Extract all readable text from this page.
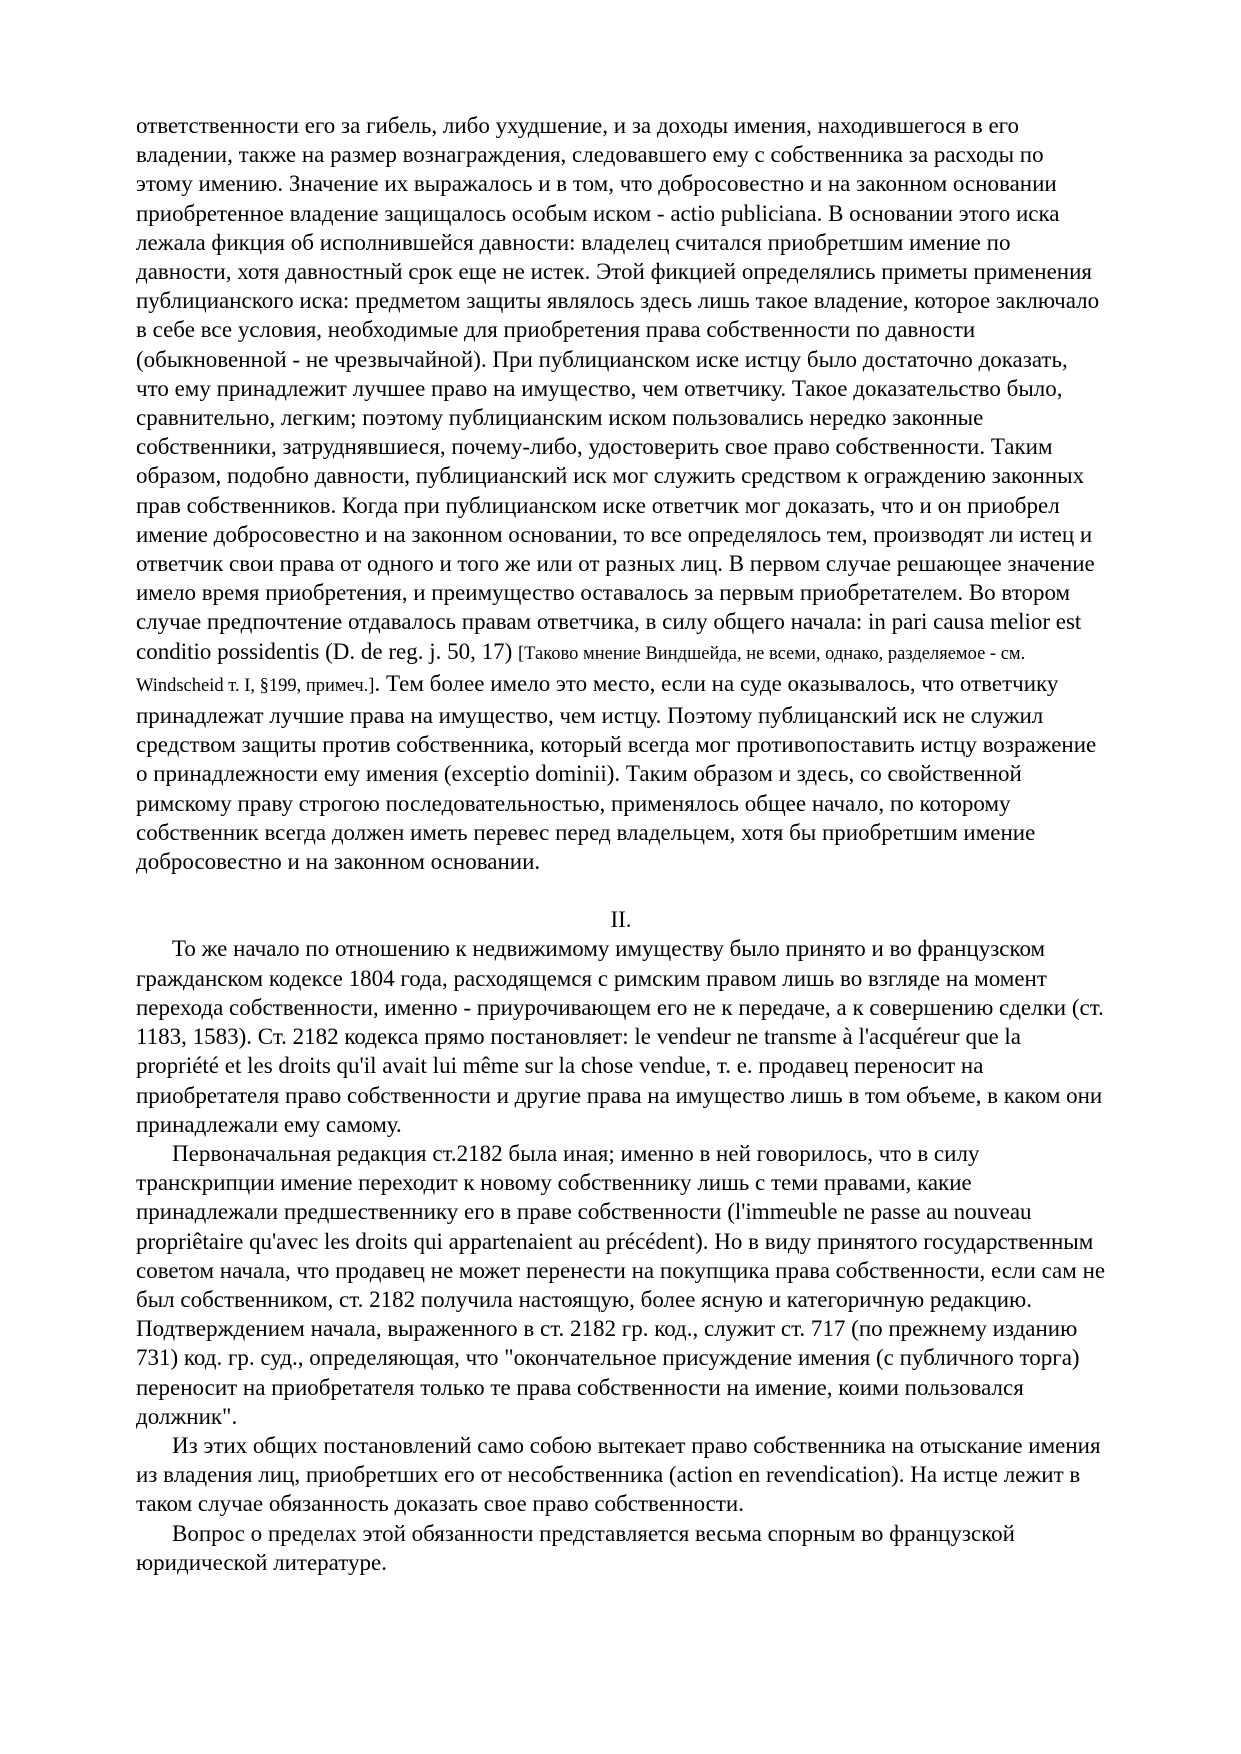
ответственности его за гибель, либо ухудшение, и за доходы имения, находившегося в его владении, также на размер вознаграждения, следовавшего ему с собственника за расходы по этому имению. Значение их выражалось и в том, что добросовестно и на законном основании приобретенное владение защищалось особым иском - actio publiciana. В основании этого иска лежала фикция об исполнившейся давности: владелец считался приобретшим имение по давности, хотя давностный срок еще не истек. Этой фикцией определялись приметы применения публицианского иска: предметом защиты являлось здесь лишь такое владение, которое заключало в себе все условия, необходимые для приобретения права собственности по давности (обыкновенной - не чрезвычайной). При публицианском иске истцу было достаточно доказать, что ему принадлежит лучшее право на имущество, чем ответчику. Такое доказательство было, сравнительно, легким; поэтому публицианским иском пользовались нередко законные собственники, затруднявшиеся, почему-либо, удостоверить свое право собственности. Таким образом, подобно давности, публицианский иск мог служить средством к ограждению законных прав собственников. Когда при публицианском иске ответчик мог доказать, что и он приобрел имение добросовестно и на законном основании, то все определялось тем, производят ли истец и ответчик свои права от одного и того же или от разных лиц. В первом случае решающее значение имело время приобретения, и преимущество оставалось за первым приобретателем. Во втором случае предпочтение отдавалось правам ответчика, в силу общего начала: in pari causa melior est conditio possidentis (D. de reg. j. 50, 17) [Таково мнение Виндшейда, не всеми, однако, разделяемое - см. Windscheid т. I, §199, примеч.]. Тем более имело это место, если на суде оказывалось, что ответчику принадлежат лучшие права на имущество, чем истцу. Поэтому публицанский иск не служил средством защиты против собственника, который всегда мог противопоставить истцу возражение о принадлежности ему имения (exceptio dominii). Таким образом и здесь, со свойственной римскому праву строгою последовательностью, применялось общее начало, по которому собственник всегда должен иметь перевес перед владельцем, хотя бы приобретшим имение добросовестно и на законном основании.

II.

То же начало по отношению к недвижимому имуществу было принято и во французском гражданском кодексе 1804 года, расходящемся с римским правом лишь во взгляде на момент перехода собственности, именно - приурочивающем его не к передаче, а к совершению сделки (ст. 1183, 1583). Ст. 2182 кодекса прямо постановляет: le vendeur ne transme à l'acquéreur que la propriété et les droits qu'il avait lui même sur la chose vendue, т. е. продавец переносит на приобретателя право собственности и другие права на имущество лишь в том объеме, в каком они принадлежали ему самому.

Первоначальная редакция ст.2182 была иная; именно в ней говорилось, что в силу транскрипции имение переходит к новому собственнику лишь с теми правами, какие принадлежали предшественнику его в праве собственности (l'immeuble ne passe au nouveau propriêtaire qu'avec les droits qui appartenaient au précédent). Но в виду принятого государственным советом начала, что продавец не может перенести на покупщика права собственности, если сам не был собственником, ст. 2182 получила настоящую, более ясную и категоричную редакцию. Подтверждением начала, выраженного в ст. 2182 гр. код., служит ст. 717 (по прежнему изданию 731) код. гр. суд., определяющая, что "окончательное присуждение имения (с публичного торга) переносит на приобретателя только те права собственности на имение, коими пользовался должник".

Из этих общих постановлений само собою вытекает право собственника на отыскание имения из владения лиц, приобретших его от несобственника (action en revendication). На истце лежит в таком случае обязанность доказать свое право собственности.

Вопрос о пределах этой обязанности представляется весьма спорным во французской юридической литературе.
